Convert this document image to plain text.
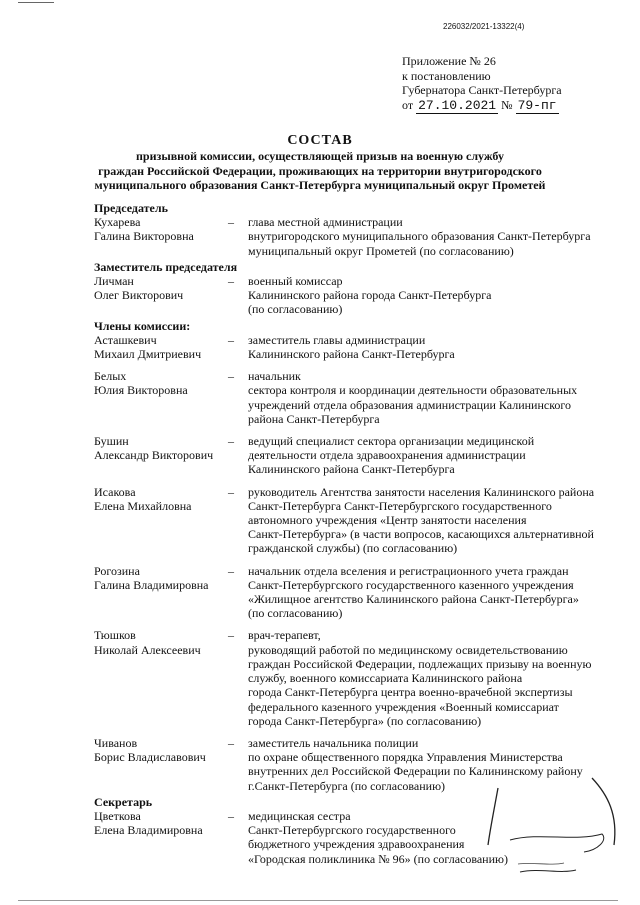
226032/2021-13322(4)
Приложение № 26
к постановлению
Губернатора Санкт-Петербурга
от 27.10.2021 № 79-пг
СОСТАВ
призывной комиссии, осуществляющей призыв на военную службу
граждан Российской Федерации, проживающих на территории внутригородского
муниципального образования Санкт-Петербурга муниципальный округ Прометей
Председатель
Кухарева
Галина Викторовна
–	глава местной администрации
внутригородского муниципального образования Санкт-Петербурга
муниципальный округ Прометей (по согласованию)
Заместитель председателя
Личман
Олег Викторович
–	военный комиссар
Калининского района города Санкт-Петербурга
(по согласованию)
Члены комиссии:
Асташкевич
Михаил Дмитриевич
–	заместитель главы администрации
Калининского района Санкт-Петербурга
Белых
Юлия Викторовна
–	начальник
сектора контроля и координации деятельности образовательных
учреждений отдела образования администрации Калининского
района Санкт-Петербурга
Бушин
Александр Викторович
–	ведущий специалист сектора организации медицинской
деятельности отдела здравоохранения администрации
Калининского района Санкт-Петербурга
Исакова
Елена Михайловна
–	руководитель Агентства занятости населения Калининского района
Санкт-Петербурга Санкт-Петербургского государственного
автономного учреждения «Центр занятости населения
Санкт-Петербурга» (в части вопросов, касающихся альтернативной
гражданской службы) (по согласованию)
Рогозина
Галина Владимировна
–	начальник отдела вселения и регистрационного учета граждан
Санкт-Петербургского государственного казенного учреждения
«Жилищное агентство Калининского района Санкт-Петербурга»
(по согласованию)
Тюшков
Николай Алексеевич
–	врач-терапевт,
руководящий работой по медицинскому освидетельствованию
граждан Российской Федерации, подлежащих призыву на военную
службу, военного комиссариата Калининского района
города Санкт-Петербурга центра военно-врачебной экспертизы
федерального казенного учреждения «Военный комиссариат
города Санкт-Петербурга» (по согласованию)
Чиванов
Борис Владиславович
–	заместитель начальника полиции
по охране общественного порядка Управления Министерства
внутренних дел Российской Федерации по Калининскому району
г.Санкт-Петербурга (по согласованию)
Секретарь
Цветкова
Елена Владимировна
–	медицинская сестра
Санкт-Петербургского государственного
бюджетного учреждения здравоохранения
«Городская поликлиника № 96» (по согласованию)
